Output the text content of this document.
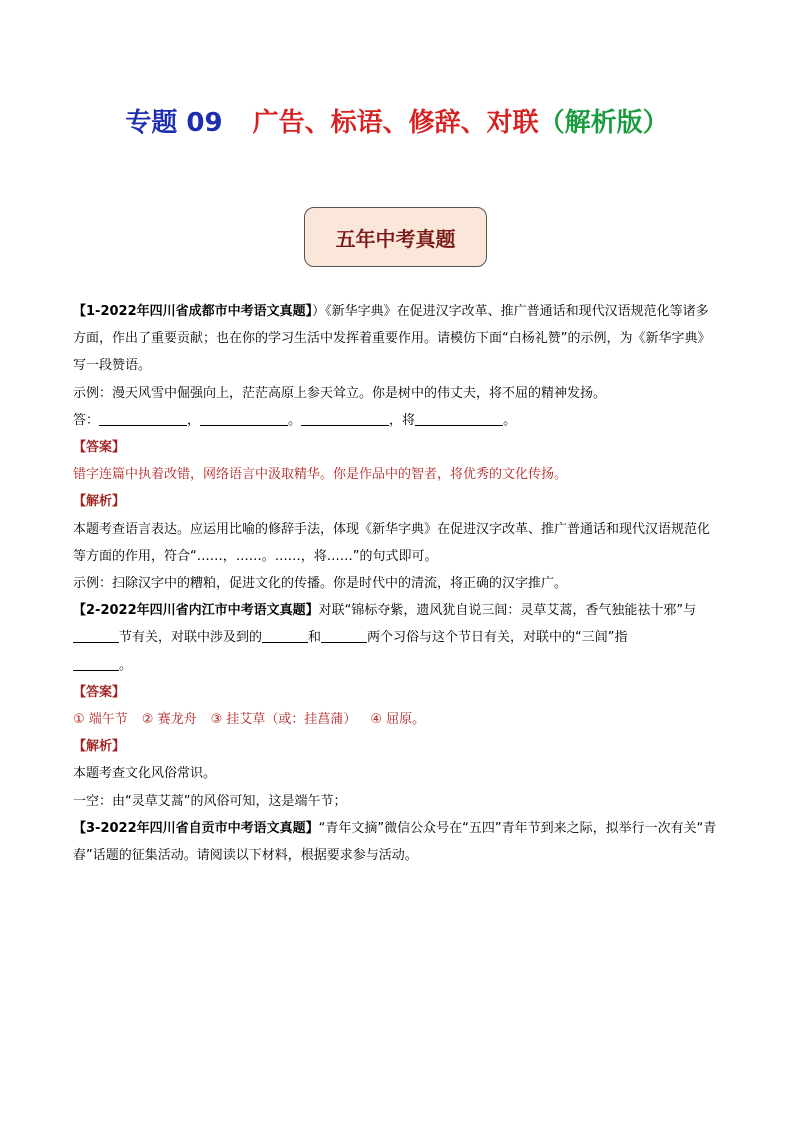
专题 09 广告、标语、修辞、对联（解析版）
五年中考真题

【1-2022年四川省成都市中考语文真题】）《新华字典》在促进汉字改革、推广普通话和现代汉语规范化等诸多方面，作出了重要贡献；也在你的学习生活中发挥着重要作用。请模仿下面“白杨礼赞”的示例，为《新华字典》写一段赞语。

示例：漫天风雪中倔强向上，茫茫高原上参天耸立。你是树中的伟丈夫，将不屈的精神发扬。

答：	，	。	，将	。

【答案】

错字连篇中执着改错，网络语言中汲取精华。你是作品中的智者，将优秀的文化传扬。

【解析】

本题考查语言表达。应运用比喻的修辞手法，体现《新华字典》在促进汉字改革、推广普通话和现代汉语规范化等方面的作用，符合“……，……。……，将……”的句式即可。

示例：扫除汉字中的糟粕，促进文化的传播。你是时代中的清流，将正确的汉字推广。

【2-2022年四川省内江市中考语文真题】对联“锦标夺紫，遗风犹自说三闾：灵草艾蒿，香气独能祛十邪”与节有关，对联中涉及到的	和	两个习俗与这个节日有关，对联中的“三闾”指
。

【答案】

① 端午节 ② 赛龙舟 ③ 挂艾草（或：挂菖蒲） ④ 屈原。

【解析】

本题考查文化风俗常识。

一空：由“灵草艾蒿”的风俗可知，这是端午节；

【3-2022年四川省自贡市中考语文真题】“青年文摘”微信公众号在“五四”青年节到来之际，拟举行一次有关“青春”话题的征集活动。请阅读以下材料，根据要求参与活动。
